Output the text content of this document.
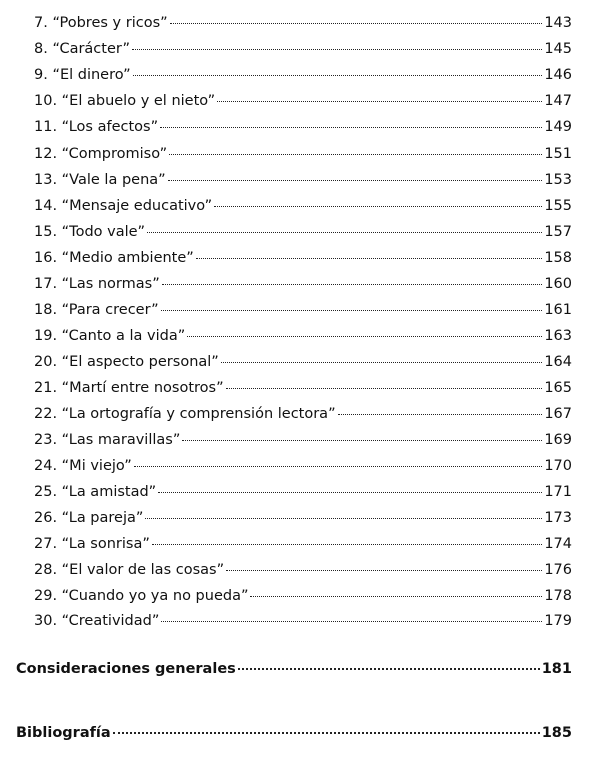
7. “Pobres y ricos”	143
8. “Carácter”	145
9. “El dinero”	146
10. “El abuelo y el nieto”	147
11. “Los afectos”	149
12. “Compromiso”	151
13. “Vale la pena”	153
14. “Mensaje educativo”	155
15. “Todo vale”	157
16. “Medio ambiente”	158
17. “Las normas”	160
18. “Para crecer”	161
19. “Canto a la vida”	163
20. “El aspecto personal”	164
21. “Martí entre nosotros”	165
22. “La ortografía y comprensión lectora”	167
23. “Las maravillas”	169
24. “Mi viejo”	170
25. “La amistad”	171
26. “La pareja”	173
27. “La sonrisa”	174
28. “El valor de las cosas”	176
29. “Cuando yo ya no pueda”	178
30. “Creatividad”	179
Consideraciones generales	181
Bibliografía	185
